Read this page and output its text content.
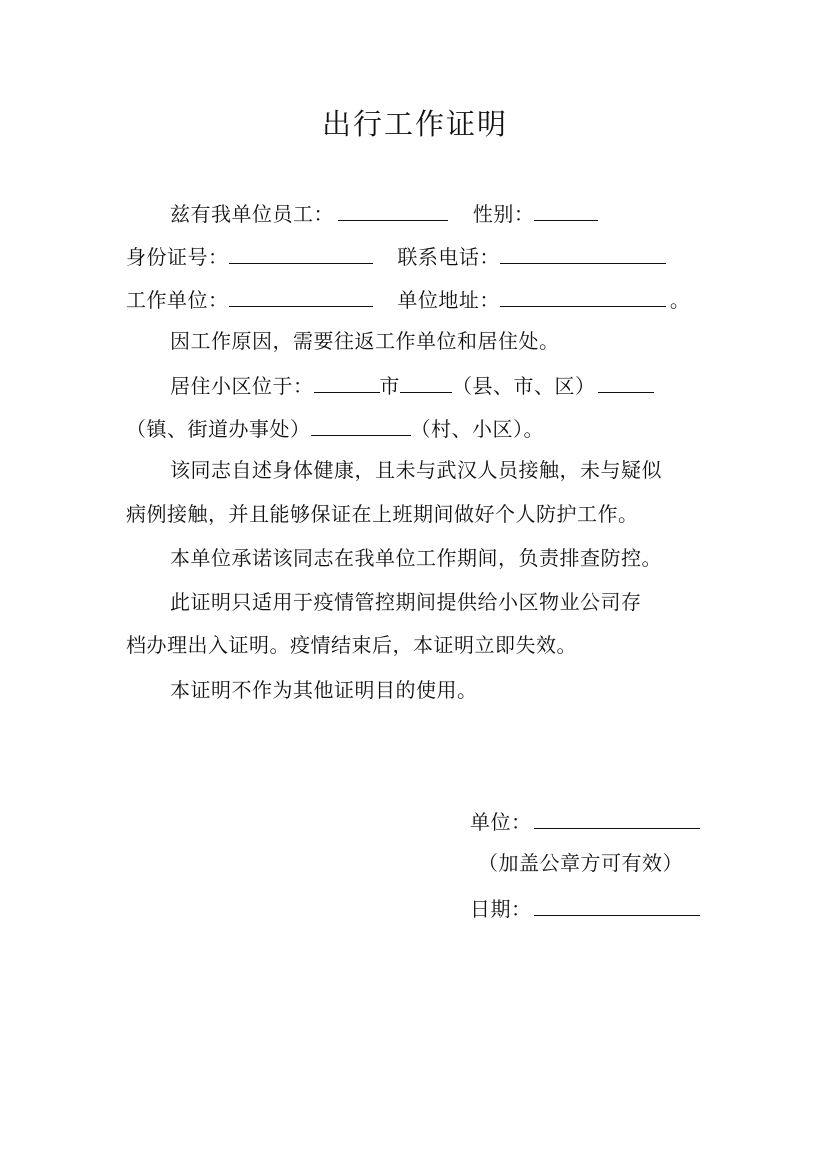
出行工作证明
兹有我单位员工：	性别：
身份证号：	联系电话：
工作单位：	单位地址：	。
因工作原因，需要往返工作单位和居住处。
居住小区位于：	市	（县、市、区）
（镇、街道办事处）	（村、小区）。
该同志自述身体健康，且未与武汉人员接触，未与疑似
病例接触，并且能够保证在上班期间做好个人防护工作。
本单位承诺该同志在我单位工作期间，负责排查防控。
此证明只适用于疫情管控期间提供给小区物业公司存
档办理出入证明。疫情结束后，本证明立即失效。
本证明不作为其他证明目的使用。
单位：
（加盖公章方可有效）
日期：
